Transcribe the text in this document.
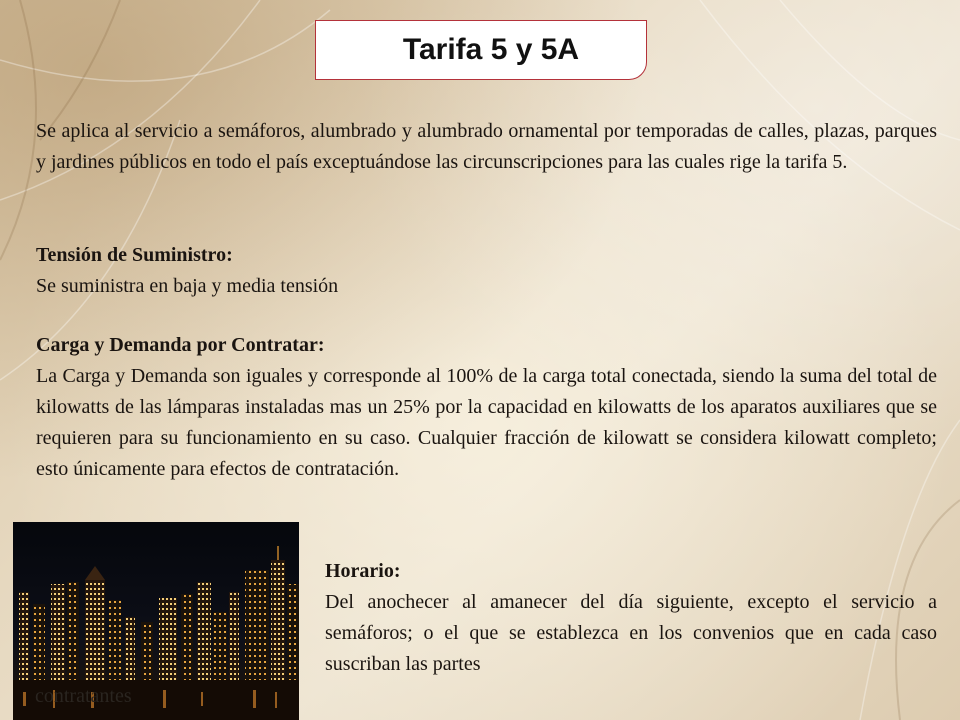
Tarifa 5 y 5A

Se aplica al servicio a semáforos, alumbrado y alumbrado ornamental por temporadas de calles, plazas, parques y jardines públicos en todo el país exceptuándose las circunscripciones para las cuales rige la tarifa 5.

Tensión de Suministro:

Se suministra en baja y media tensión

Carga y Demanda por Contratar:

La Carga y Demanda son iguales y corresponde al 100% de la carga total conectada, siendo la suma del total de kilowatts de las lámparas instaladas mas un 25% por la capacidad en kilowatts de los aparatos auxiliares que se requieren para su funcionamiento en su caso. Cualquier fracción de kilowatt se considera kilowatt completo; esto únicamente para efectos de contratación.

Horario:

Del anochecer al amanecer del día siguiente, excepto el servicio a semáforos; o el que se establezca en los convenios que en cada caso suscriban las partes

contratantes
